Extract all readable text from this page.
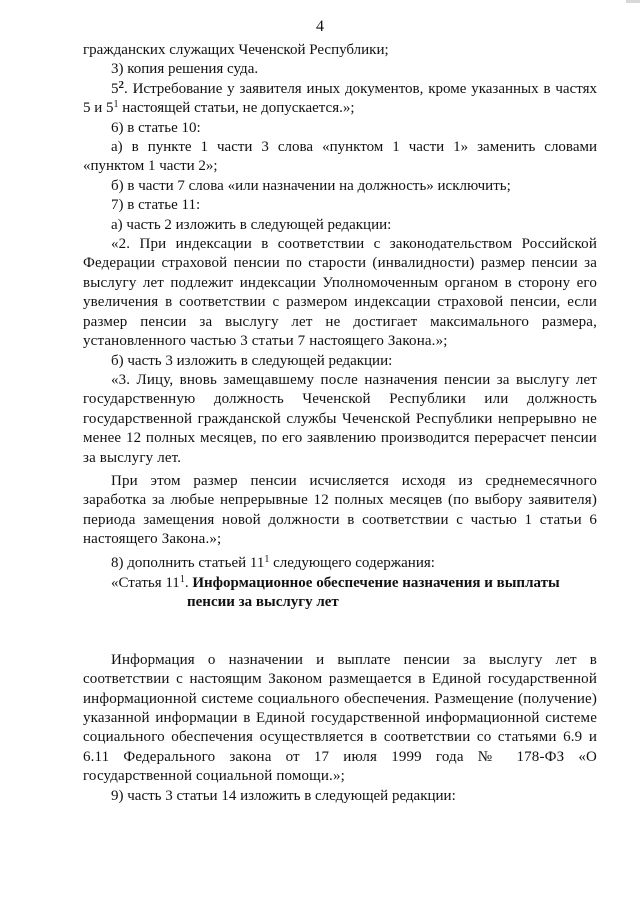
4

гражданских служащих Чеченской Республики;

3) копия решения суда.

$5^2$. Истребование у заявителя иных документов, кроме указанных в частях 5 и $5^1$ настоящей статьи, не допускается.»;

6) в статье 10:

а) в пункте 1 части 3 слова «пунктом 1 части 1» заменить словами «пунктом 1 части 2»;

б) в части 7 слова «или назначении на должность» исключить;

7) в статье 11:

а) часть 2 изложить в следующей редакции:

«2. При индексации в соответствии с законодательством Российской Федерации страховой пенсии по старости (инвалидности) размер пенсии за выслугу лет подлежит индексации Уполномоченным органом в сторону его увеличения в соответствии с размером индексации страховой пенсии, если размер пенсии за выслугу лет не достигает максимального размера, установленного частью 3 статьи 7 настоящего Закона.»;

б) часть 3 изложить в следующей редакции:

«3. Лицу, вновь замещавшему после назначения пенсии за выслугу лет государственную должность Чеченской Республики или должность государственной гражданской службы Чеченской Республики непрерывно не менее 12 полных месяцев, по его заявлению производится перерасчет пенсии за выслугу лет.

При этом размер пенсии исчисляется исходя из среднемесячного заработка за любые непрерывные 12 полных месяцев (по выбору заявителя) периода замещения новой должности в соответствии с частью 1 статьи 6 настоящего Закона.»;

8) дополнить статьей $11^1$ следующего содержания:

«Статья $11^1$. Информационное обеспечение назначения и выплаты
пенсии за выслугу лет

Информация о назначении и выплате пенсии за выслугу лет в соответствии с настоящим Законом размещается в Единой государственной информационной системе социального обеспечения. Размещение (получение) указанной информации в Единой государственной информационной системе социального обеспечения осуществляется в соответствии со статьями 6.9 и 6.11 Федерального закона от 17 июля 1999 года № 178-ФЗ «О государственной социальной помощи.»;

9) часть 3 статьи 14 изложить в следующей редакции:
